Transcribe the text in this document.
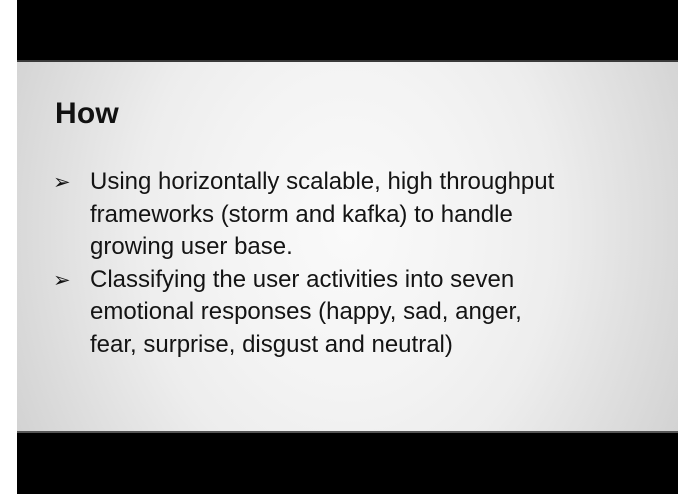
How
➢ Using horizontally scalable, high throughput
frameworks (storm and kafka) to handle
growing user base.
➢ Classifying the user activities into seven
emotional responses (happy, sad, anger,
fear, surprise, disgust and neutral)
